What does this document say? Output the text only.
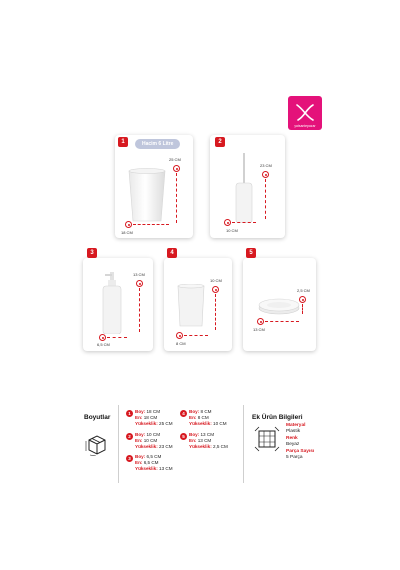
yatsantepazar
Hacim 6 Litre
25 CM
18 CM
1
23 CM
10 CM
2
13 CM
6,5 CM
3
10 CM
8 CM
4
2,5 CM
13 CM
5
Boyutlar
1 Boy: 18 CM
En: 18 CM
Yükseklik: 25 CM
2 Boy: 10 CM
En: 10 CM
Yükseklik: 23 CM
3 Boy: 6,5 CM
En: 6,5 CM
Yükseklik: 13 CM
4 Boy: 8 CM
En: 8 CM
Yükseklik: 10 CM
5 Boy: 13 CM
En: 13 CM
Yükseklik: 2,5 CM
Ek Ürün Bilgileri
Materyal
Plastik
Renk
Beyaz
Parça Sayısı
5 Parça
